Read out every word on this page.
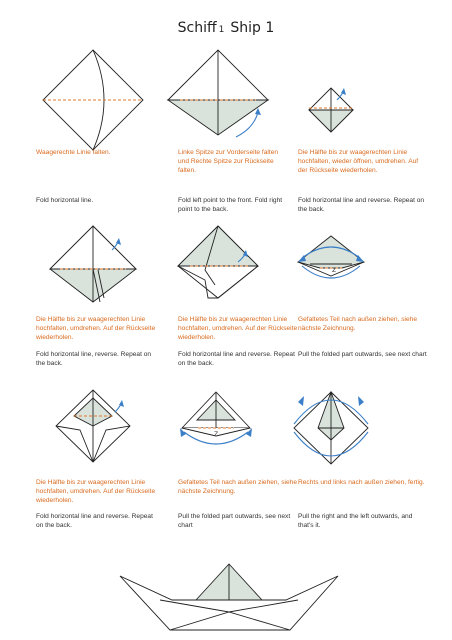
Schiff 1 Ship 1
Waagerechte Linie falten.
Fold horizontal line.
Linke Spitze zur Vorderseite falten und Rechte Spitze zur Rückseite falten.
Fold left point to the front. Fold right point to the back.
Die Hälfte bis zur waagerechten Linie hochfalten, wieder öffnen, umdrehen. Auf der Rückseite wiederholen.
Fold horizontal line and reverse. Repeat on the back.
Die Hälfte bis zur waagerechten Linie hochfalten, umdrehen. Auf der Rückseite wiederholen.
Fold horizontal line, reverse. Repeat on the back.
Die Hälfte bis zur waagerechten Linie hochfalten, umdrehen. Auf der Rückseite wiederholen.
Fold horizontal line and reverse. Repeat on the back.
Z
Gefaltetes Teil nach außen ziehen, siehe nächste Zeichnung.
Pull the folded part outwards, see next chart
Die Hälfte bis zur waagerechten Linie hochfalten, umdrehen. Auf der Rückseite wiederholen.
Fold horizontal line and reverse. Repeat on the back.
Z
Gefaltetes Teil nach außen ziehen, siehe nächste Zeichnung.
Pull the folded part outwards, see next chart
Rechts und links nach außen ziehen, fertig.
Pull the right and the left outwards, and that's it.
